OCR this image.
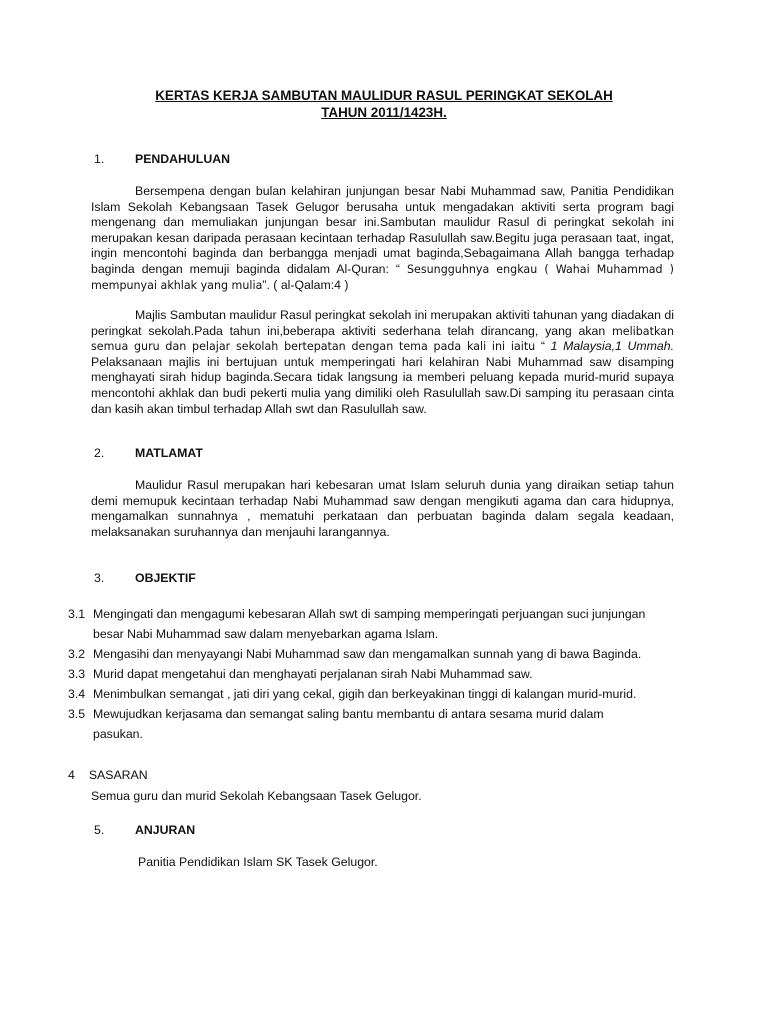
KERTAS KERJA SAMBUTAN MAULIDUR RASUL PERINGKAT SEKOLAH
TAHUN 2011/1423H.
1. PENDAHULUAN
Bersempena dengan bulan kelahiran junjungan besar Nabi Muhammad saw, Panitia Pendidikan Islam Sekolah Kebangsaan Tasek Gelugor berusaha untuk mengadakan aktiviti serta program bagi mengenang dan memuliakan junjungan besar ini.Sambutan maulidur Rasul di peringkat sekolah ini merupakan kesan daripada perasaan kecintaan terhadap Rasulullah saw.Begitu juga perasaan taat, ingat, ingin mencontohi baginda dan berbangga menjadi umat baginda,Sebagaimana Allah bangga terhadap baginda dengan memuji baginda didalam Al-Quran: “ Sesungguhnya engkau ( Wahai Muhammad ) mempunyai akhlak yang mulia”. ( al-Qalam:4 )
Majlis Sambutan maulidur Rasul peringkat sekolah ini merupakan aktiviti tahunan yang diadakan di peringkat sekolah.Pada tahun ini,beberapa aktiviti sederhana telah dirancang, yang akan melibatkan semua guru dan pelajar sekolah bertepatan dengan tema pada kali ini iaitu “ 1 Malaysia,1 Ummah. Pelaksanaan majlis ini bertujuan untuk memperingati hari kelahiran Nabi Muhammad saw disamping menghayati sirah hidup baginda.Secara tidak langsung ia memberi peluang kepada murid-murid supaya mencontohi akhlak dan budi pekerti mulia yang dimiliki oleh Rasulullah saw.Di samping itu perasaan cinta dan kasih akan timbul terhadap Allah swt dan Rasulullah saw.
2. MATLAMAT
Maulidur Rasul merupakan hari kebesaran umat Islam seluruh dunia yang diraikan setiap tahun demi memupuk kecintaan terhadap Nabi Muhammad saw dengan mengikuti agama dan cara hidupnya, mengamalkan sunnahnya , mematuhi perkataan dan perbuatan baginda dalam segala keadaan, melaksanakan suruhannya dan menjauhi larangannya.
3. OBJEKTIF
3.1 Mengingati dan mengagumi kebesaran Allah swt di samping memperingati perjuangan suci junjungan
besar Nabi Muhammad saw dalam menyebarkan agama Islam.
3.2 Mengasihi dan menyayangi Nabi Muhammad saw dan mengamalkan sunnah yang di bawa Baginda.
3.3 Murid dapat mengetahui dan menghayati perjalanan sirah Nabi Muhammad saw.
3.4 Menimbulkan semangat , jati diri yang cekal, gigih dan berkeyakinan tinggi di kalangan murid-murid.
3.5 Mewujudkan kerjasama dan semangat saling bantu membantu di antara sesama murid dalam
pasukan.
4 SASARAN
Semua guru dan murid Sekolah Kebangsaan Tasek Gelugor.
5. ANJURAN
Panitia Pendidikan Islam SK Tasek Gelugor.
